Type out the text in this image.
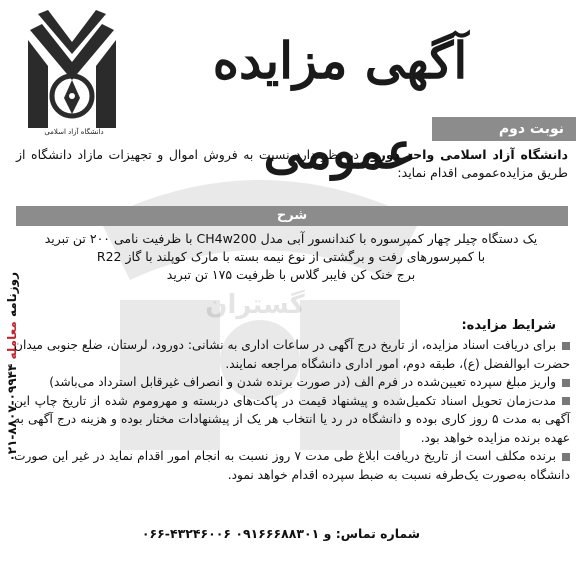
گستران
دانشگاه آزاد اسلامی
آگهی مزایده عمومی
روزنامه معامله ۰۲۱-۸۸۰۷-۰۹۹۴۴
نوبت دوم
دانشگاه آزاد اسلامی واحد دورود در نظر دارد نسبت به فروش اموال و تجهیزات مازاد دانشگاه از طریق مزایده‌عمومی اقدام نماید:
شرح
یک دستگاه چیلر چهار کمپرسوره با کندانسور آبی مدل CH4w200 با ظرفیت نامی ۲۰۰ تن تبرید
با کمپرسورهای رفت و برگشتی از نوع نیمه بسته با مارک کوپلند با گاز R22
برج خنک کن فایبر گلاس با ظرفیت ۱۷۵ تن تبرید
شرایط مزایده:
برای دریافت اسناد مزایده، از تاریخ درج آگهی در ساعات اداری به نشانی: دورود، لرستان، ضلع جنوبی میدان حضرت ابوالفضل (ع)، طبقه دوم، امور اداری دانشگاه مراجعه نمایند.
واریز مبلغ سپرده تعیین‌شده در فرم الف (در صورت برنده شدن و انصراف غیرقابل استرداد می‌باشد)
مدت‌زمان تحویل اسناد تکمیل‌شده و پیشنهاد قیمت در پاکت‌های دربسته و مهروموم شده از تاریخ چاپ این آگهی به مدت ۵ روز کاری بوده و دانشگاه در رد یا انتخاب هر یک از پیشنهادات مختار بوده و هزینه درج آگهی به عهده برنده مزایده خواهد بود.
برنده مکلف است از تاریخ دریافت ابلاغ طی مدت ۷ روز نسبت به انجام امور اقدام نماید در غیر این صورت دانشگاه به‌صورت یک‌طرفه نسبت به ضبط سپرده اقدام خواهد نمود.
شماره تماس: ۰۶۶-۴۳۲۴۶۰۰۶ و ۰۹۱۶۶۶۸۸۳۰۱
